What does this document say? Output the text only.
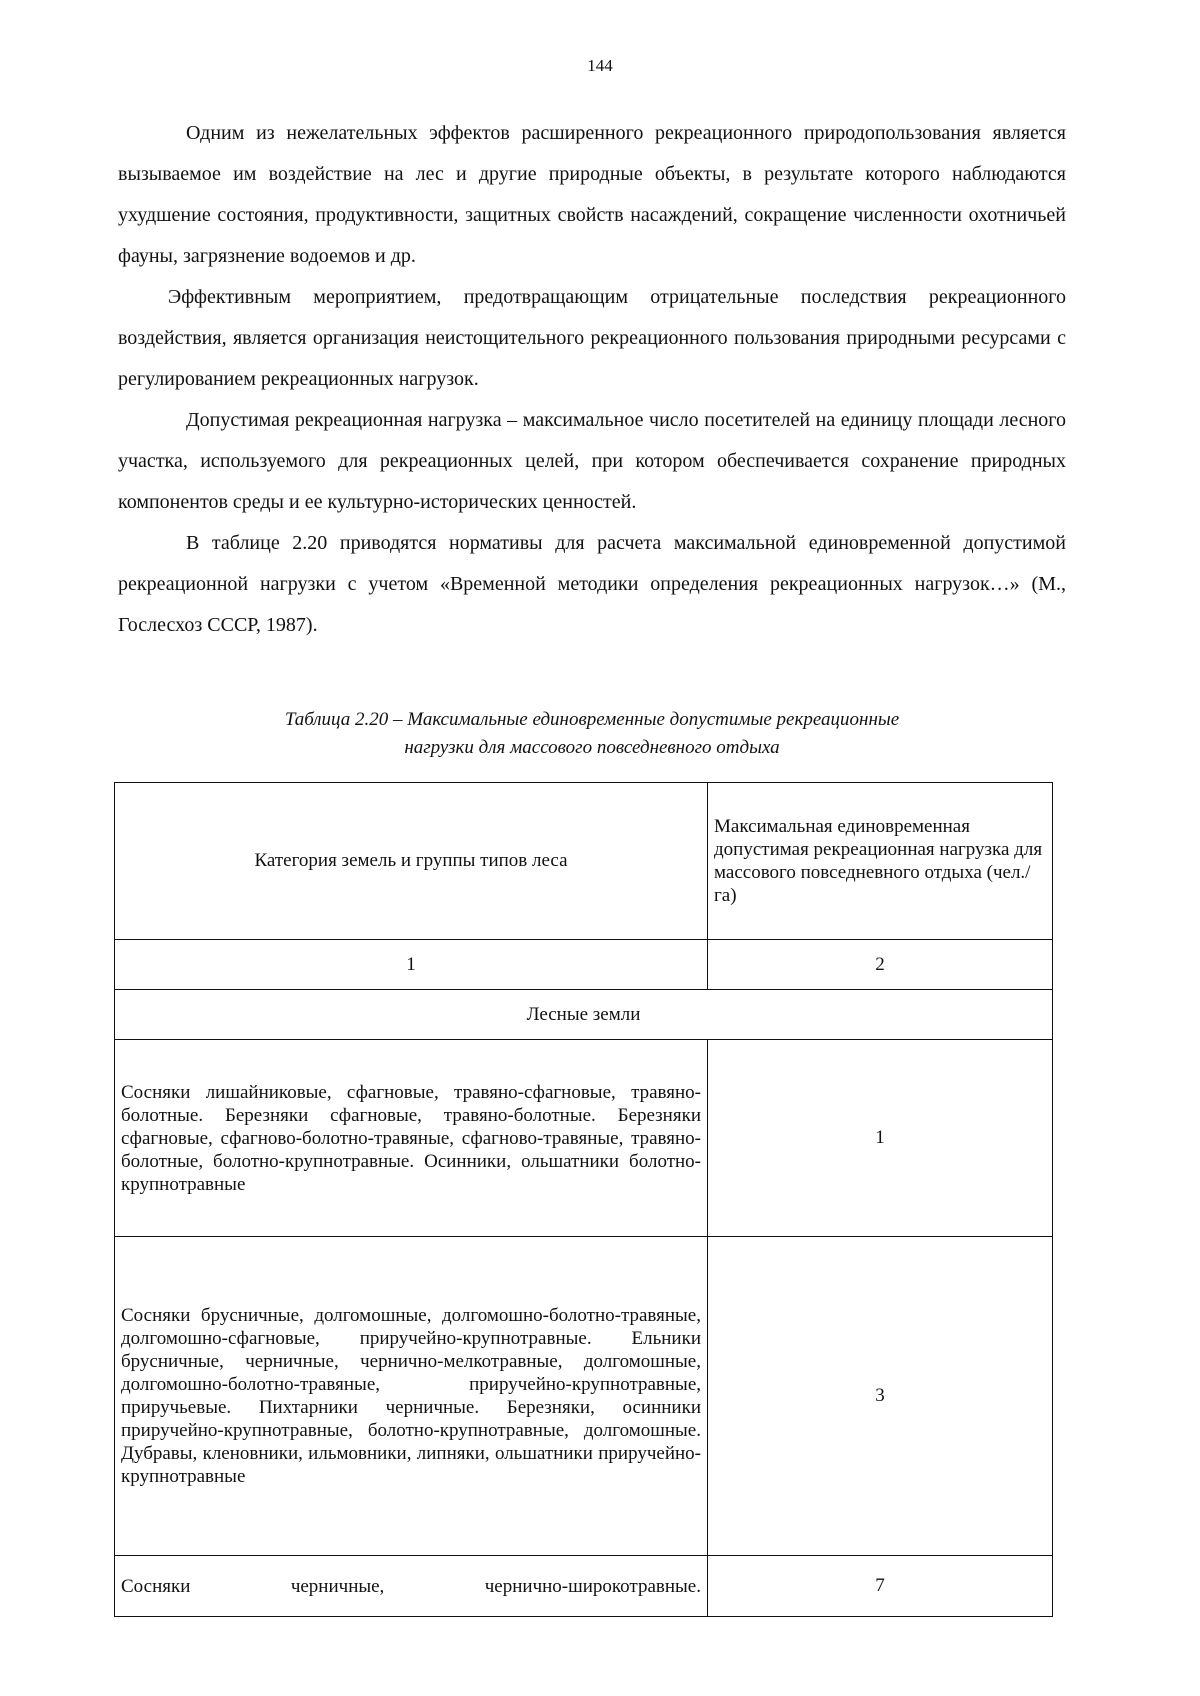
144

Одним из нежелательных эффектов расширенного рекреационного природопользования является вызываемое им воздействие на лес и другие природные объекты, в результате которого наблюдаются ухудшение состояния, продуктивности, защитных свойств насаждений, сокращение численности охотничьей фауны, загрязнение водоемов и др.

Эффективным мероприятием, предотвращающим отрицательные последствия рекреационного воздействия, является организация неистощительного рекреационного пользования природными ресурсами с регулированием рекреационных нагрузок.

Допустимая рекреационная нагрузка – максимальное число посетителей на единицу площади лесного участка, используемого для рекреационных целей, при котором обеспечивается сохранение природных компонентов среды и ее культурно-исторических ценностей.

В таблице 2.20 приводятся нормативы для расчета максимальной единовременной допустимой рекреационной нагрузки с учетом «Временной методики определения рекреационных нагрузок…» (М., Гослесхоз СССР, 1987).

Таблица 2.20 – Максимальные единовременные допустимые рекреационные
нагрузки для массового повседневного отдыха
Категория земель и группы типов леса	Максимальная единовременная допустимая рекреационная нагрузка для массового повседневного отдыха (чел./га)
1	2
Лесные земли	
Сосняки лишайниковые, сфагновые, травяно-сфагновые, травяно-болотные. Березняки сфагновые, травяно-болотные. Березняки сфагновые, сфагново-болотно-травяные, сфагново-травяные, травяно-болотные, болотно-крупнотравные. Осинники, ольшатники болотно-крупнотравные	1
Сосняки брусничные, долгомошные, долгомошно-болотно-травяные, долгомошно-сфагновые, приручейно-крупнотравные. Ельники брусничные, черничные, чернично-мелкотравные, долгомошные, долгомошно-болотно-травяные, приручейно-крупнотравные, приручьевые. Пихтарники черничные. Березняки, осинники приручейно-крупнотравные, болотно-крупнотравные, долгомошные. Дубравы, кленовники, ильмовники, липняки, ольшатники приручейно-крупнотравные	3
Сосняки черничные, чернично-широкотравные.	7
